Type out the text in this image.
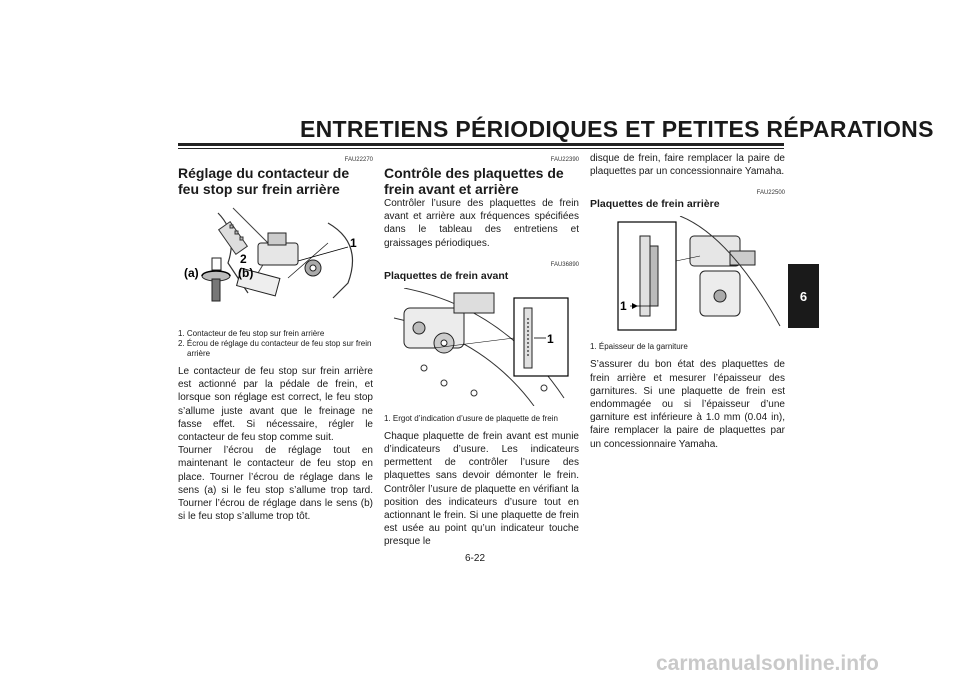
ENTRETIENS PÉRIODIQUES ET PETITES RÉPARATIONS
FAU22270
Réglage du contacteur de feu stop sur frein arrière
(a)	(b)
2
1
1. Contacteur de feu stop sur frein arrière
2. Écrou de réglage du contacteur de feu stop sur frein arrière

Le contacteur de feu stop sur frein arrière est actionné par la pédale de frein, et lorsque son réglage est correct, le feu stop s’allume juste avant que le freinage ne fasse effet. Si nécessaire, régler le contacteur de feu stop comme suit.

Tourner l’écrou de réglage tout en maintenant le contacteur de feu stop en place. Tourner l’écrou de réglage dans le sens (a) si le feu stop s’allume trop tard. Tourner l’écrou de réglage dans le sens (b) si le feu stop s’allume trop tôt.

FAU22390
Contrôle des plaquettes de frein avant et arrière

Contrôler l’usure des plaquettes de frein avant et arrière aux fréquences spécifiées dans le tableau des entretiens et graissages périodiques.

FAU36890
Plaquettes de frein avant
1
1. Ergot d’indication d’usure de plaquette de frein

Chaque plaquette de frein avant est munie d’indicateurs d’usure. Les indicateurs permettent de contrôler l’usure des plaquettes sans devoir démonter le frein. Contrôler l’usure de plaquette en vérifiant la position des indicateurs d’usure tout en actionnant le frein. Si une plaquette de frein est usée au point qu’un indicateur touche presque le

disque de frein, faire remplacer la paire de plaquettes par un concessionnaire Yamaha.

FAU22500
Plaquettes de frein arrière
1
1. Épaisseur de la garniture

S’assurer du bon état des plaquettes de frein arrière et mesurer l’épaisseur des garnitures. Si une plaquette de frein est endommagée ou si l’épaisseur d’une garniture est inférieure à 1.0 mm (0.04 in), faire remplacer la paire de plaquettes par un concessionnaire Yamaha.

6
6-22
carmanualsonline.info
